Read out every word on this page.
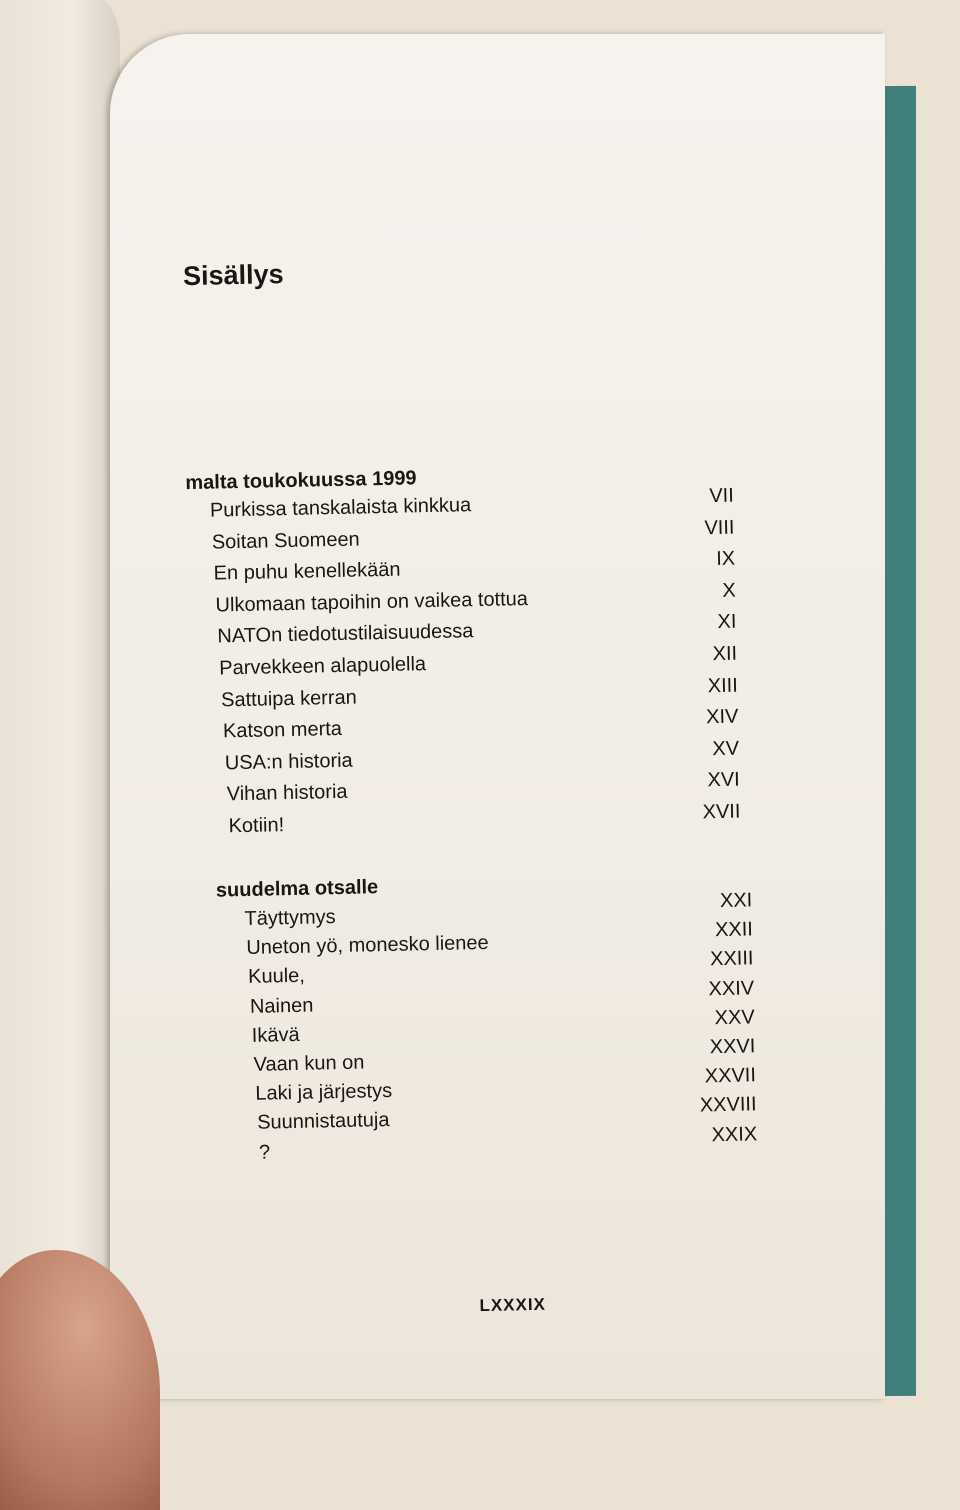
Sisällys
malta toukokuussa 1999
Purkissa tanskalaista kinkkua
Soitan Suomeen
En puhu kenellekään
Ulkomaan tapoihin on vaikea tottua
NATOn tiedotustilaisuudessa
Parvekkeen alapuolella
Sattuipa kerran
Katson merta
USA:n historia
Vihan historia
Kotiin!
VII
VIII
IX
X
XI
XII
XIII
XIV
XV
XVI
XVII
suudelma otsalle
Täyttymys
Uneton yö, monesko lienee
Kuule,
Nainen
Ikävä
Vaan kun on
Laki ja järjestys
Suunnistautuja
?
XXI
XXII
XXIII
XXIV
XXV
XXVI
XXVII
XXVIII
XXIX
LXXXIX
